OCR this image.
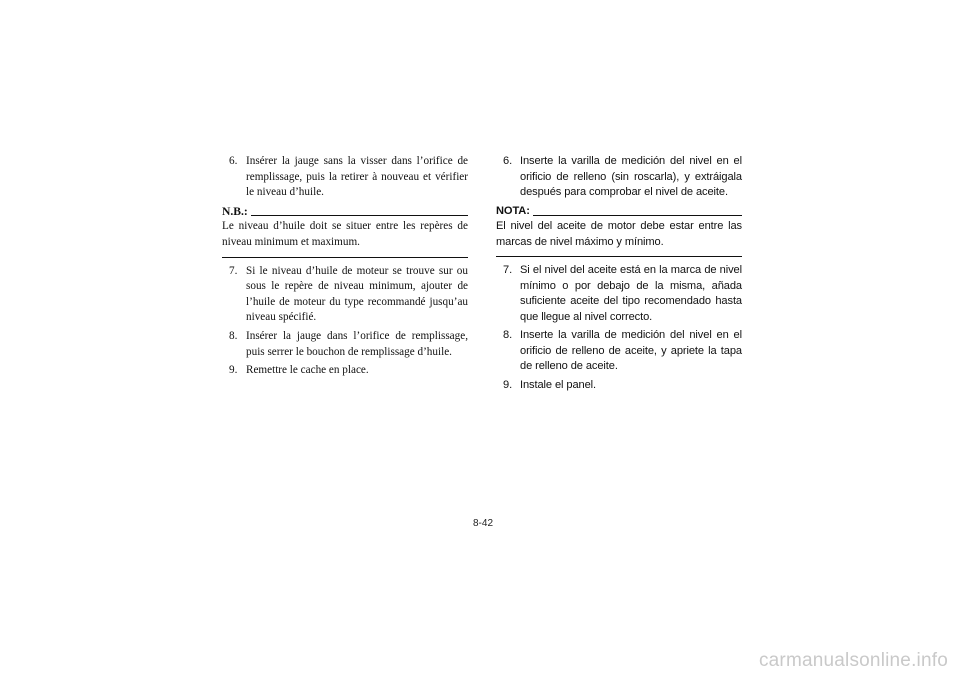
6. Insérer la jauge sans la visser dans l’orifice de remplissage, puis la retirer à nouveau et vérifier le niveau d’huile.
N.B.:

Le niveau d’huile doit se situer entre les repères de niveau minimum et maximum.

7. Si le niveau d’huile de moteur se trouve sur ou sous le repère de niveau minimum, ajouter de l’huile de moteur du type recommandé jusqu’au niveau spécifié.
8. Insérer la jauge dans l’orifice de remplissage, puis serrer le bouchon de remplissage d’huile.
9. Remettre le cache en place.
6. Inserte la varilla de medición del nivel en el orificio de relleno (sin roscarla), y extráigala después para comprobar el nivel de aceite.
NOTA:

El nivel del aceite de motor debe estar entre las marcas de nivel máximo y mínimo.

7. Si el nivel del aceite está en la marca de nivel mínimo o por debajo de la misma, añada suficiente aceite del tipo recomendado hasta que llegue al nivel correcto.
8. Inserte la varilla de medición del nivel en el orificio de relleno de aceite, y apriete la tapa de relleno de aceite.
9. Instale el panel.
8-42
carmanualsonline.info
